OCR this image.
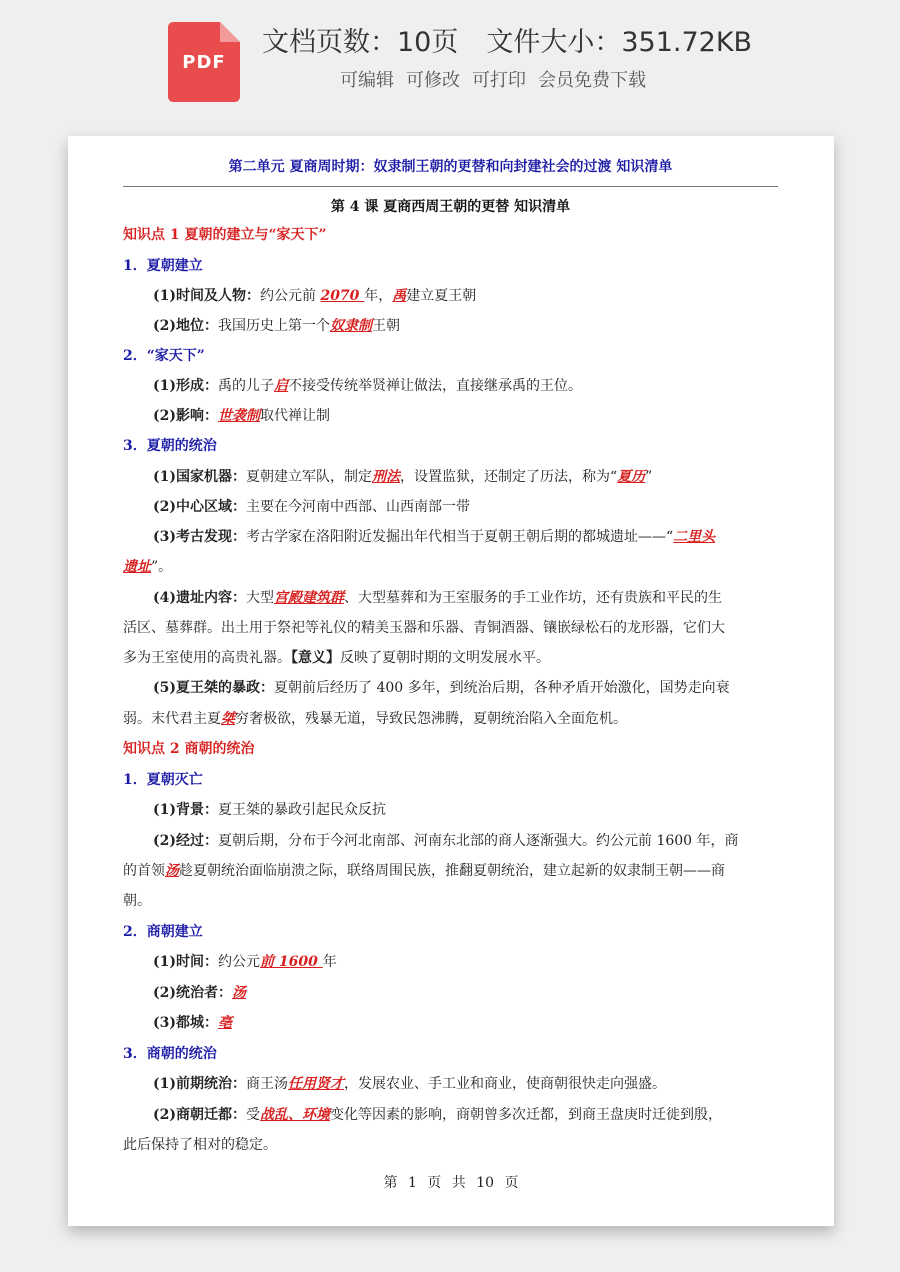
PDF
文档页数：10页 文件大小：351.72KB
可编辑 可修改 可打印 会员免费下载
第二单元 夏商周时期：奴隶制王朝的更替和向封建社会的过渡 知识清单
第 4 课 夏商西周王朝的更替 知识清单
知识点 1 夏朝的建立与“家天下”
1．夏朝建立
(1)时间及人物：约公元前 2070 年，禹建立夏王朝
(2)地位：我国历史上第一个奴隶制王朝
2．“家天下”
(1)形成：禹的儿子启不接受传统举贤禅让做法，直接继承禹的王位。
(2)影响：世袭制取代禅让制
3．夏朝的统治
(1)国家机器：夏朝建立军队，制定刑法，设置监狱，还制定了历法，称为“夏历”
(2)中心区域：主要在今河南中西部、山西南部一带
(3)考古发现：考古学家在洛阳附近发掘出年代相当于夏朝王朝后期的都城遗址——“二里头
遗址”。
(4)遗址内容：大型宫殿建筑群、大型墓葬和为王室服务的手工业作坊，还有贵族和平民的生
活区、墓葬群。出土用于祭祀等礼仪的精美玉器和乐器、青铜酒器、镶嵌绿松石的龙形器，它们大
多为王室使用的高贵礼器。【意义】反映了夏朝时期的文明发展水平。
(5)夏王桀的暴政：夏朝前后经历了 400 多年，到统治后期，各种矛盾开始激化，国势走向衰
弱。末代君主夏桀穷奢极欲，残暴无道，导致民怨沸腾，夏朝统治陷入全面危机。
知识点 2 商朝的统治
1．夏朝灭亡
(1)背景：夏王桀的暴政引起民众反抗
(2)经过：夏朝后期，分布于今河北南部、河南东北部的商人逐渐强大。约公元前 1600 年，商
的首领汤趁夏朝统治面临崩溃之际，联络周围民族，推翻夏朝统治，建立起新的奴隶制王朝——商
朝。
2．商朝建立
(1)时间：约公元前 1600 年
(2)统治者：汤
(3)都城：亳
3．商朝的统治
(1)前期统治：商王汤任用贤才，发展农业、手工业和商业，使商朝很快走向强盛。
(2)商朝迁都：受战乱、环境变化等因素的影响，商朝曾多次迁都，到商王盘庚时迁徙到殷，
此后保持了相对的稳定。
第 1 页 共 10 页
